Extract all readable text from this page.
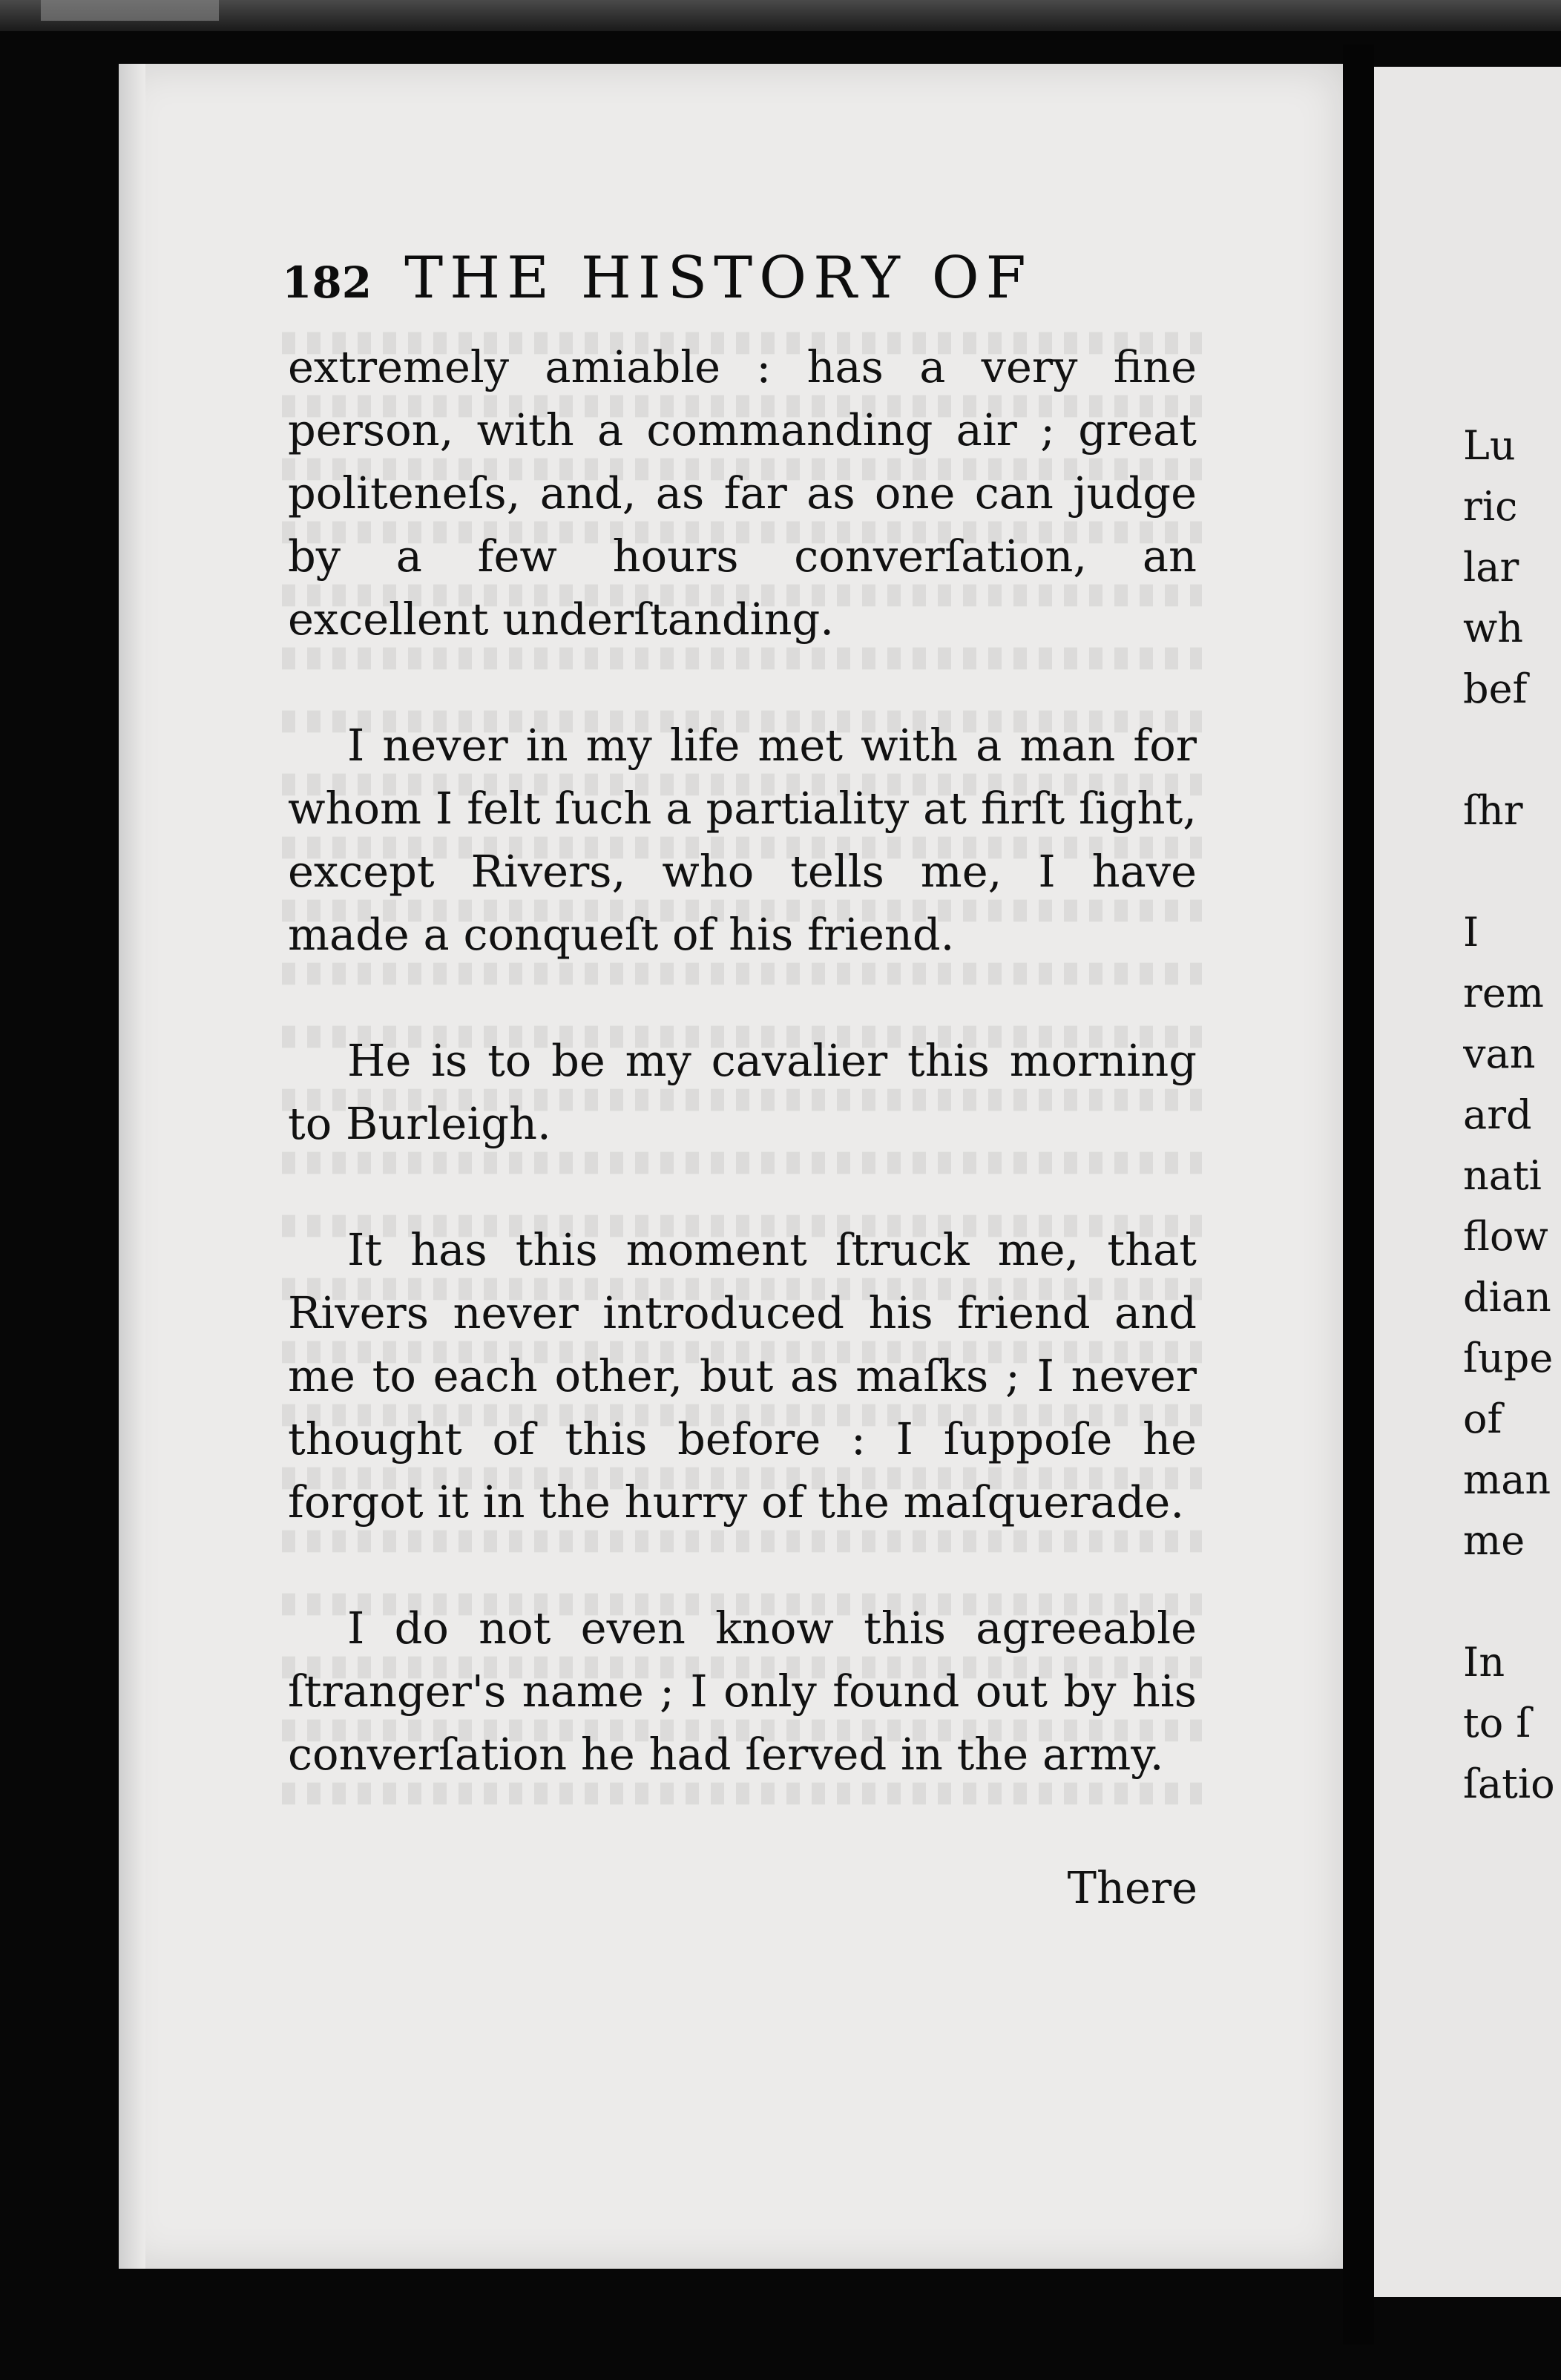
182 THE HISTORY OF

extremely amiable : has a very fine person, with a commanding air ; great politeneſs, and, as far as one can judge by a few hours converſation, an excellent underſtanding.

I never in my life met with a man for whom I felt ſuch a partiality at firſt ſight, except Rivers, who tells me, I have made a conqueſt of his friend.

He is to be my cavalier this morning to Burleigh.

It has this moment ſtruck me, that Rivers never introduced his friend and me to each other, but as maſks ; I never thought of this before : I ſuppoſe he forgot it in the hurry of the maſquerade.

I do not even know this agreeable ſtranger's name ; I only found out by his converſation he had ſerved in the army.

There
Lu
ric
lar
wh
bef
ſhr
I
rem
van
ard
nati
flow
dian
ſupe
of
man
me
In
to ſ
ſatio
